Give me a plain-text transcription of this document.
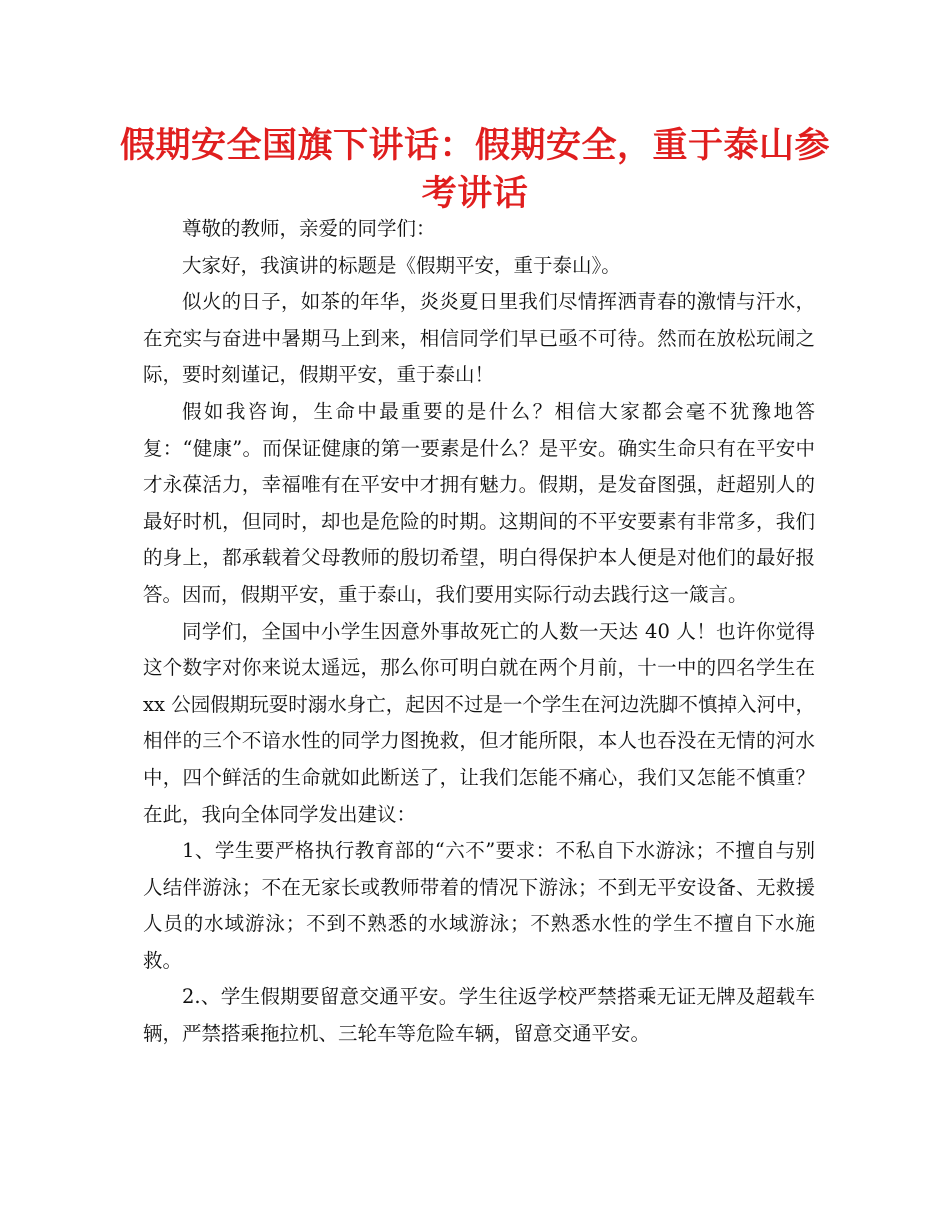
假期安全国旗下讲话：假期安全，重于泰山参考讲话

尊敬的教师，亲爱的同学们：

大家好，我演讲的标题是《假期平安，重于泰山》。

似火的日子，如茶的年华，炎炎夏日里我们尽情挥洒青春的激情与汗水，在充实与奋进中暑期马上到来，相信同学们早已亟不可待。然而在放松玩闹之际，要时刻谨记，假期平安，重于泰山！

假如我咨询，生命中最重要的是什么？相信大家都会毫不犹豫地答复：“健康”。而保证健康的第一要素是什么？是平安。确实生命只有在平安中才永葆活力，幸福唯有在平安中才拥有魅力。假期，是发奋图强，赶超别人的最好时机，但同时，却也是危险的时期。这期间的不平安要素有非常多，我们的身上，都承载着父母教师的殷切希望，明白得保护本人便是对他们的最好报答。因而，假期平安，重于泰山，我们要用实际行动去践行这一箴言。

同学们，全国中小学生因意外事故死亡的人数一天达 40 人！也许你觉得这个数字对你来说太遥远，那么你可明白就在两个月前，十一中的四名学生在 xx 公园假期玩耍时溺水身亡，起因不过是一个学生在河边洗脚不慎掉入河中，相伴的三个不谙水性的同学力图挽救，但才能所限，本人也吞没在无情的河水中，四个鲜活的生命就如此断送了，让我们怎能不痛心，我们又怎能不慎重？在此，我向全体同学发出建议：

1、学生要严格执行教育部的“六不”要求：不私自下水游泳；不擅自与别人结伴游泳；不在无家长或教师带着的情况下游泳；不到无平安设备、无救援人员的水域游泳；不到不熟悉的水域游泳；不熟悉水性的学生不擅自下水施救。

2.、学生假期要留意交通平安。学生往返学校严禁搭乘无证无牌及超载车辆，严禁搭乘拖拉机、三轮车等危险车辆，留意交通平安。
